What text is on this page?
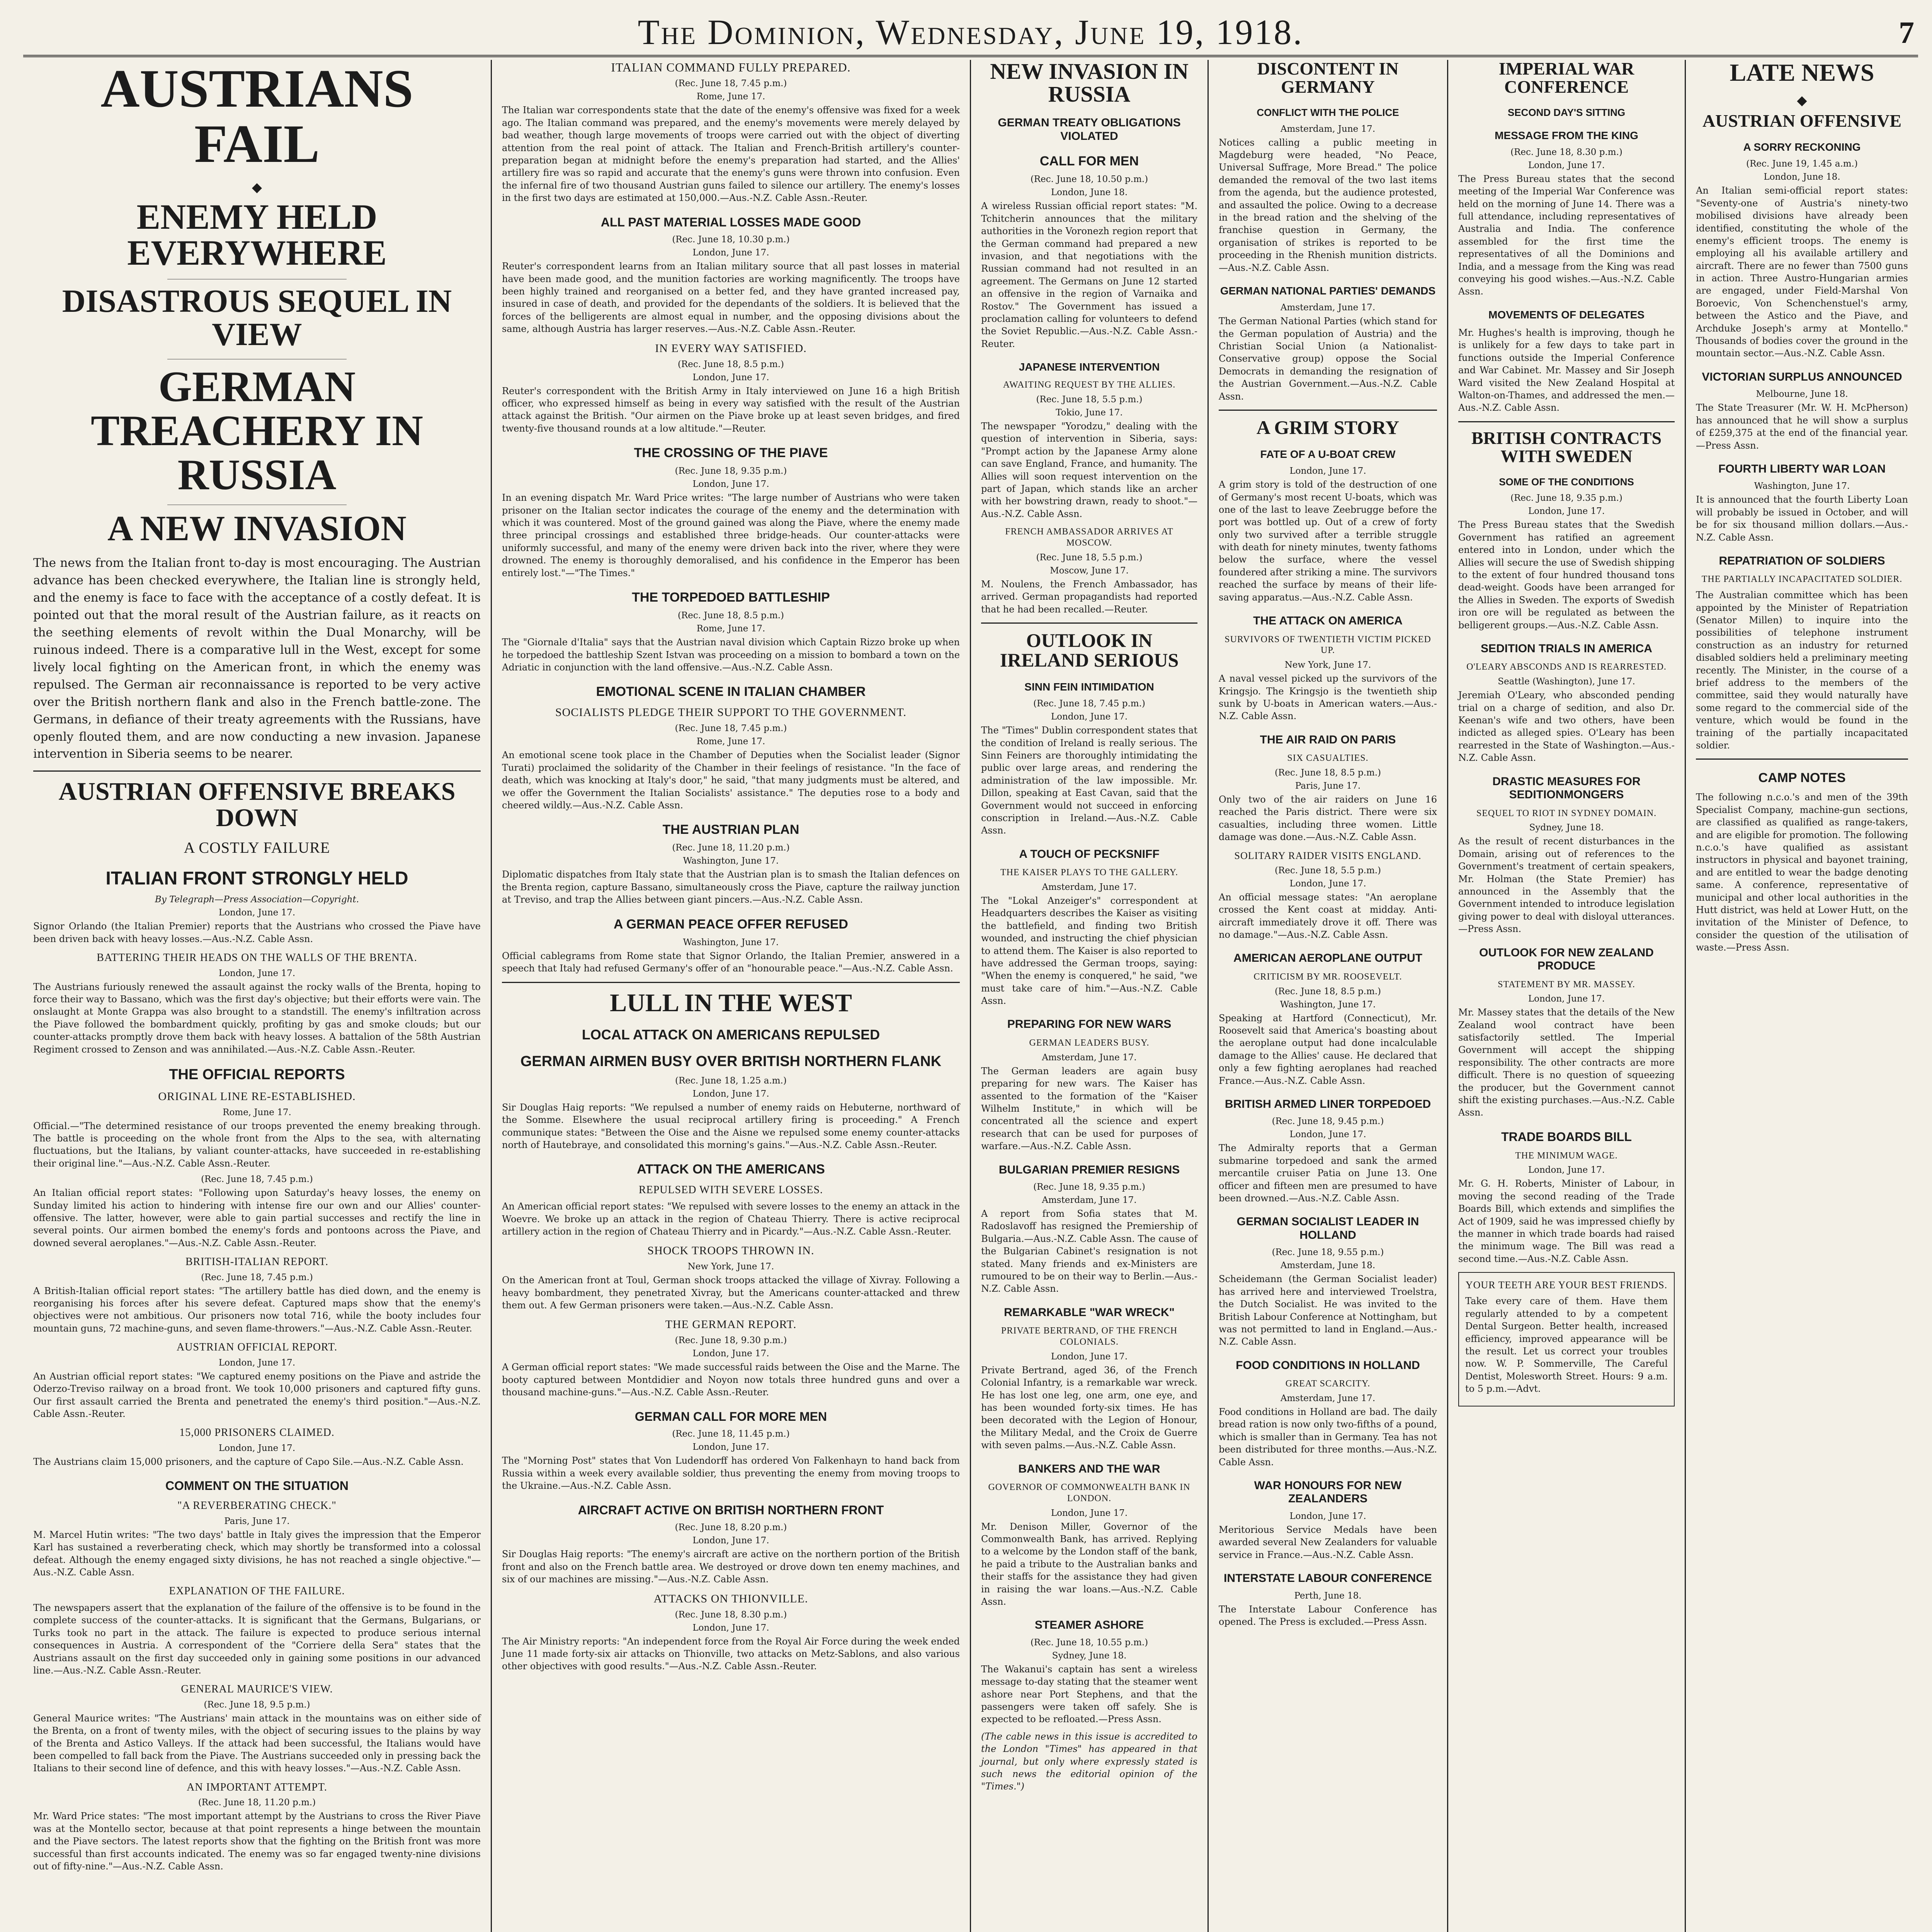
The Dominion, Wednesday, June 19, 1918.	7
AUSTRIANS FAIL
◆
ENEMY HELD EVERYWHERE
DISASTROUS SEQUEL IN VIEW
GERMAN TREACHERY IN RUSSIA
A NEW INVASION
The news from the Italian front to-day is most encouraging. The Austrian advance has been checked everywhere, the Italian line is strongly held, and the enemy is face to face with the acceptance of a costly defeat. It is pointed out that the moral result of the Austrian failure, as it reacts on the seething elements of revolt within the Dual Monarchy, will be ruinous indeed. There is a comparative lull in the West, except for some lively local fighting on the American front, in which the enemy was repulsed. The German air reconnaissance is reported to be very active over the British northern flank and also in the French battle-zone. The Germans, in defiance of their treaty agreements with the Russians, have openly flouted them, and are now conducting a new invasion. Japanese intervention in Siberia seems to be nearer.
AUSTRIAN OFFENSIVE BREAKS DOWN
A COSTLY FAILURE
ITALIAN FRONT STRONGLY HELD
By Telegraph—Press Association—Copyright.
London, June 17.
Signor Orlando (the Italian Premier) reports that the Austrians who crossed the Piave have been driven back with heavy losses.—Aus.-N.Z. Cable Assn.
BATTERING THEIR HEADS ON THE WALLS OF THE BRENTA.
London, June 17.
The Austrians furiously renewed the assault against the rocky walls of the Brenta, hoping to force their way to Bassano, which was the first day's objective; but their efforts were vain. The onslaught at Monte Grappa was also brought to a standstill. The enemy's infiltration across the Piave followed the bombardment quickly, profiting by gas and smoke clouds; but our counter-attacks promptly drove them back with heavy losses. A battalion of the 58th Austrian Regiment crossed to Zenson and was annihilated.—Aus.-N.Z. Cable Assn.-Reuter.
THE OFFICIAL REPORTS
ORIGINAL LINE RE-ESTABLISHED.
Rome, June 17.
Official.—"The determined resistance of our troops prevented the enemy breaking through. The battle is proceeding on the whole front from the Alps to the sea, with alternating fluctuations, but the Italians, by valiant counter-attacks, have succeeded in re-establishing their original line."—Aus.-N.Z. Cable Assn.-Reuter.
(Rec. June 18, 7.45 p.m.)
An Italian official report states: "Following upon Saturday's heavy losses, the enemy on Sunday limited his action to hindering with intense fire our own and our Allies' counter-offensive. The latter, however, were able to gain partial successes and rectify the line in several points. Our airmen bombed the enemy's fords and pontoons across the Piave, and downed several aeroplanes."—Aus.-N.Z. Cable Assn.-Reuter.
BRITISH-ITALIAN REPORT.
(Rec. June 18, 7.45 p.m.)
A British-Italian official report states: "The artillery battle has died down, and the enemy is reorganising his forces after his severe defeat. Captured maps show that the enemy's objectives were not ambitious. Our prisoners now total 716, while the booty includes four mountain guns, 72 machine-guns, and seven flame-throwers."—Aus.-N.Z. Cable Assn.-Reuter.
AUSTRIAN OFFICIAL REPORT.
London, June 17.
An Austrian official report states: "We captured enemy positions on the Piave and astride the Oderzo-Treviso railway on a broad front. We took 10,000 prisoners and captured fifty guns. Our first assault carried the Brenta and penetrated the enemy's third position."—Aus.-N.Z. Cable Assn.-Reuter.
15,000 PRISONERS CLAIMED.
London, June 17.
The Austrians claim 15,000 prisoners, and the capture of Capo Sile.—Aus.-N.Z. Cable Assn.
COMMENT ON THE SITUATION
"A REVERBERATING CHECK."
Paris, June 17.
M. Marcel Hutin writes: "The two days' battle in Italy gives the impression that the Emperor Karl has sustained a reverberating check, which may shortly be transformed into a colossal defeat. Although the enemy engaged sixty divisions, he has not reached a single objective."—Aus.-N.Z. Cable Assn.
EXPLANATION OF THE FAILURE.
The newspapers assert that the explanation of the failure of the offensive is to be found in the complete success of the counter-attacks. It is significant that the Germans, Bulgarians, or Turks took no part in the attack. The failure is expected to produce serious internal consequences in Austria. A correspondent of the "Corriere della Sera" states that the Austrians assault on the first day succeeded only in gaining some positions in our advanced line.—Aus.-N.Z. Cable Assn.-Reuter.
GENERAL MAURICE'S VIEW.
(Rec. June 18, 9.5 p.m.)
General Maurice writes: "The Austrians' main attack in the mountains was on either side of the Brenta, on a front of twenty miles, with the object of securing issues to the plains by way of the Brenta and Astico Valleys. If the attack had been successful, the Italians would have been compelled to fall back from the Piave. The Austrians succeeded only in pressing back the Italians to their second line of defence, and this with heavy losses."—Aus.-N.Z. Cable Assn.
AN IMPORTANT ATTEMPT.
(Rec. June 18, 11.20 p.m.)
Mr. Ward Price states: "The most important attempt by the Austrians to cross the River Piave was at the Montello sector, because at that point represents a hinge between the mountain and the Piave sectors. The latest reports show that the fighting on the British front was more successful than first accounts indicated. The enemy was so far engaged twenty-nine divisions out of fifty-nine."—Aus.-N.Z. Cable Assn.
ITALIAN COMMAND FULLY PREPARED.
(Rec. June 18, 7.45 p.m.)
Rome, June 17.
The Italian war correspondents state that the date of the enemy's offensive was fixed for a week ago. The Italian command was prepared, and the enemy's movements were merely delayed by bad weather, though large movements of troops were carried out with the object of diverting attention from the real point of attack. The Italian and French-British artillery's counter-preparation began at midnight before the enemy's preparation had started, and the Allies' artillery fire was so rapid and accurate that the enemy's guns were thrown into confusion. Even the infernal fire of two thousand Austrian guns failed to silence our artillery. The enemy's losses in the first two days are estimated at 150,000.—Aus.-N.Z. Cable Assn.-Reuter.
ALL PAST MATERIAL LOSSES MADE GOOD
(Rec. June 18, 10.30 p.m.)
London, June 17.
Reuter's correspondent learns from an Italian military source that all past losses in material have been made good, and the munition factories are working magnificently. The troops have been highly trained and reorganised on a better fed, and they have granted increased pay, insured in case of death, and provided for the dependants of the soldiers. It is believed that the forces of the belligerents are almost equal in number, and the opposing divisions about the same, although Austria has larger reserves.—Aus.-N.Z. Cable Assn.-Reuter.
IN EVERY WAY SATISFIED.
(Rec. June 18, 8.5 p.m.)
London, June 17.
Reuter's correspondent with the British Army in Italy interviewed on June 16 a high British officer, who expressed himself as being in every way satisfied with the result of the Austrian attack against the British. "Our airmen on the Piave broke up at least seven bridges, and fired twenty-five thousand rounds at a low altitude."—Reuter.
THE CROSSING OF THE PIAVE
(Rec. June 18, 9.35 p.m.)
London, June 17.
In an evening dispatch Mr. Ward Price writes: "The large number of Austrians who were taken prisoner on the Italian sector indicates the courage of the enemy and the determination with which it was countered. Most of the ground gained was along the Piave, where the enemy made three principal crossings and established three bridge-heads. Our counter-attacks were uniformly successful, and many of the enemy were driven back into the river, where they were drowned. The enemy is thoroughly demoralised, and his confidence in the Emperor has been entirely lost."—"The Times."
THE TORPEDOED BATTLESHIP
(Rec. June 18, 8.5 p.m.)
Rome, June 17.
The "Giornale d'Italia" says that the Austrian naval division which Captain Rizzo broke up when he torpedoed the battleship Szent Istvan was proceeding on a mission to bombard a town on the Adriatic in conjunction with the land offensive.—Aus.-N.Z. Cable Assn.
EMOTIONAL SCENE IN ITALIAN CHAMBER
SOCIALISTS PLEDGE THEIR SUPPORT TO THE GOVERNMENT.
(Rec. June 18, 7.45 p.m.)
Rome, June 17.
An emotional scene took place in the Chamber of Deputies when the Socialist leader (Signor Turati) proclaimed the solidarity of the Chamber in their feelings of resistance. "In the face of death, which was knocking at Italy's door," he said, "that many judgments must be altered, and we offer the Government the Italian Socialists' assistance." The deputies rose to a body and cheered wildly.—Aus.-N.Z. Cable Assn.
THE AUSTRIAN PLAN
(Rec. June 18, 11.20 p.m.)
Washington, June 17.
Diplomatic dispatches from Italy state that the Austrian plan is to smash the Italian defences on the Brenta region, capture Bassano, simultaneously cross the Piave, capture the railway junction at Treviso, and trap the Allies between giant pincers.—Aus.-N.Z. Cable Assn.
A GERMAN PEACE OFFER REFUSED
Washington, June 17.
Official cablegrams from Rome state that Signor Orlando, the Italian Premier, answered in a speech that Italy had refused Germany's offer of an "honourable peace."—Aus.-N.Z. Cable Assn.
LULL IN THE WEST
LOCAL ATTACK ON AMERICANS REPULSED
GERMAN AIRMEN BUSY OVER BRITISH NORTHERN FLANK
(Rec. June 18, 1.25 a.m.)
London, June 17.
Sir Douglas Haig reports: "We repulsed a number of enemy raids on Hebuterne, northward of the Somme. Elsewhere the usual reciprocal artillery firing is proceeding." A French communique states: "Between the Oise and the Aisne we repulsed some enemy counter-attacks north of Hautebraye, and consolidated this morning's gains."—Aus.-N.Z. Cable Assn.-Reuter.
ATTACK ON THE AMERICANS
REPULSED WITH SEVERE LOSSES.
An American official report states: "We repulsed with severe losses to the enemy an attack in the Woevre. We broke up an attack in the region of Chateau Thierry. There is active reciprocal artillery action in the region of Chateau Thierry and in Picardy."—Aus.-N.Z. Cable Assn.-Reuter.
SHOCK TROOPS THROWN IN.
New York, June 17.
On the American front at Toul, German shock troops attacked the village of Xivray. Following a heavy bombardment, they penetrated Xivray, but the Americans counter-attacked and threw them out. A few German prisoners were taken.—Aus.-N.Z. Cable Assn.
THE GERMAN REPORT.
(Rec. June 18, 9.30 p.m.)
London, June 17.
A German official report states: "We made successful raids between the Oise and the Marne. The booty captured between Montdidier and Noyon now totals three hundred guns and over a thousand machine-guns."—Aus.-N.Z. Cable Assn.-Reuter.
GERMAN CALL FOR MORE MEN
(Rec. June 18, 11.45 p.m.)
London, June 17.
The "Morning Post" states that Von Ludendorff has ordered Von Falkenhayn to hand back from Russia within a week every available soldier, thus preventing the enemy from moving troops to the Ukraine.—Aus.-N.Z. Cable Assn.
AIRCRAFT ACTIVE ON BRITISH NORTHERN FRONT
(Rec. June 18, 8.20 p.m.)
London, June 17.
Sir Douglas Haig reports: "The enemy's aircraft are active on the northern portion of the British front and also on the French battle area. We destroyed or drove down ten enemy machines, and six of our machines are missing."—Aus.-N.Z. Cable Assn.
ATTACKS ON THIONVILLE.
(Rec. June 18, 8.30 p.m.)
London, June 17.
The Air Ministry reports: "An independent force from the Royal Air Force during the week ended June 11 made forty-six air attacks on Thionville, two attacks on Metz-Sablons, and also various other objectives with good results."—Aus.-N.Z. Cable Assn.-Reuter.
NEW INVASION IN RUSSIA
GERMAN TREATY OBLIGATIONS VIOLATED
CALL FOR MEN
(Rec. June 18, 10.50 p.m.)
London, June 18.
A wireless Russian official report states: "M. Tchitcherin announces that the military authorities in the Voronezh region report that the German command had prepared a new invasion, and that negotiations with the Russian command had not resulted in an agreement. The Germans on June 12 started an offensive in the region of Varnaika and Rostov." The Government has issued a proclamation calling for volunteers to defend the Soviet Republic.—Aus.-N.Z. Cable Assn.-Reuter.
JAPANESE INTERVENTION
AWAITING REQUEST BY THE ALLIES.
(Rec. June 18, 5.5 p.m.)
Tokio, June 17.
The newspaper "Yorodzu," dealing with the question of intervention in Siberia, says: "Prompt action by the Japanese Army alone can save England, France, and humanity. The Allies will soon request intervention on the part of Japan, which stands like an archer with her bowstring drawn, ready to shoot."—Aus.-N.Z. Cable Assn.
FRENCH AMBASSADOR ARRIVES AT MOSCOW.
(Rec. June 18, 5.5 p.m.)
Moscow, June 17.
M. Noulens, the French Ambassador, has arrived. German propagandists had reported that he had been recalled.—Reuter.
OUTLOOK IN IRELAND SERIOUS
SINN FEIN INTIMIDATION
(Rec. June 18, 7.45 p.m.)
London, June 17.
The "Times" Dublin correspondent states that the condition of Ireland is really serious. The Sinn Feiners are thoroughly intimidating the public over large areas, and rendering the administration of the law impossible. Mr. Dillon, speaking at East Cavan, said that the Government would not succeed in enforcing conscription in Ireland.—Aus.-N.Z. Cable Assn.
A TOUCH OF PECKSNIFF
THE KAISER PLAYS TO THE GALLERY.
Amsterdam, June 17.
The "Lokal Anzeiger's" correspondent at Headquarters describes the Kaiser as visiting the battlefield, and finding two British wounded, and instructing the chief physician to attend them. The Kaiser is also reported to have addressed the German troops, saying: "When the enemy is conquered," he said, "we must take care of him."—Aus.-N.Z. Cable Assn.
PREPARING FOR NEW WARS
GERMAN LEADERS BUSY.
Amsterdam, June 17.
The German leaders are again busy preparing for new wars. The Kaiser has assented to the formation of the "Kaiser Wilhelm Institute," in which will be concentrated all the science and expert research that can be used for purposes of warfare.—Aus.-N.Z. Cable Assn.
BULGARIAN PREMIER RESIGNS
(Rec. June 18, 9.35 p.m.)
Amsterdam, June 17.
A report from Sofia states that M. Radoslavoff has resigned the Premiership of Bulgaria.—Aus.-N.Z. Cable Assn. The cause of the Bulgarian Cabinet's resignation is not stated. Many friends and ex-Ministers are rumoured to be on their way to Berlin.—Aus.-N.Z. Cable Assn.
REMARKABLE "WAR WRECK"
PRIVATE BERTRAND, OF THE FRENCH COLONIALS.
London, June 17.
Private Bertrand, aged 36, of the French Colonial Infantry, is a remarkable war wreck. He has lost one leg, one arm, one eye, and has been wounded forty-six times. He has been decorated with the Legion of Honour, the Military Medal, and the Croix de Guerre with seven palms.—Aus.-N.Z. Cable Assn.
BANKERS AND THE WAR
GOVERNOR OF COMMONWEALTH BANK IN LONDON.
London, June 17.
Mr. Denison Miller, Governor of the Commonwealth Bank, has arrived. Replying to a welcome by the London staff of the bank, he paid a tribute to the Australian banks and their staffs for the assistance they had given in raising the war loans.—Aus.-N.Z. Cable Assn.
STEAMER ASHORE
(Rec. June 18, 10.55 p.m.)
Sydney, June 18.
The Wakanui's captain has sent a wireless message to-day stating that the steamer went ashore near Port Stephens, and that the passengers were taken off safely. She is expected to be refloated.—Press Assn.
(The cable news in this issue is accredited to the London "Times" has appeared in that journal, but only where expressly stated is such news the editorial opinion of the "Times.")
DISCONTENT IN GERMANY
CONFLICT WITH THE POLICE
Amsterdam, June 17.
Notices calling a public meeting in Magdeburg were headed, "No Peace, Universal Suffrage, More Bread." The police demanded the removal of the two last items from the agenda, but the audience protested, and assaulted the police. Owing to a decrease in the bread ration and the shelving of the franchise question in Germany, the organisation of strikes is reported to be proceeding in the Rhenish munition districts.—Aus.-N.Z. Cable Assn.
GERMAN NATIONAL PARTIES' DEMANDS
Amsterdam, June 17.
The German National Parties (which stand for the German population of Austria) and the Christian Social Union (a Nationalist-Conservative group) oppose the Social Democrats in demanding the resignation of the Austrian Government.—Aus.-N.Z. Cable Assn.
A GRIM STORY
FATE OF A U-BOAT CREW
London, June 17.
A grim story is told of the destruction of one of Germany's most recent U-boats, which was one of the last to leave Zeebrugge before the port was bottled up. Out of a crew of forty only two survived after a terrible struggle with death for ninety minutes, twenty fathoms below the surface, where the vessel foundered after striking a mine. The survivors reached the surface by means of their life-saving apparatus.—Aus.-N.Z. Cable Assn.
THE ATTACK ON AMERICA
SURVIVORS OF TWENTIETH VICTIM PICKED UP.
New York, June 17.
A naval vessel picked up the survivors of the Kringsjo. The Kringsjo is the twentieth ship sunk by U-boats in American waters.—Aus.-N.Z. Cable Assn.
THE AIR RAID ON PARIS
SIX CASUALTIES.
(Rec. June 18, 8.5 p.m.)
Paris, June 17.
Only two of the air raiders on June 16 reached the Paris district. There were six casualties, including three women. Little damage was done.—Aus.-N.Z. Cable Assn.
SOLITARY RAIDER VISITS ENGLAND.
(Rec. June 18, 5.5 p.m.)
London, June 17.
An official message states: "An aeroplane crossed the Kent coast at midday. Anti-aircraft immediately drove it off. There was no damage."—Aus.-N.Z. Cable Assn.
AMERICAN AEROPLANE OUTPUT
CRITICISM BY MR. ROOSEVELT.
(Rec. June 18, 8.5 p.m.)
Washington, June 17.
Speaking at Hartford (Connecticut), Mr. Roosevelt said that America's boasting about the aeroplane output had done incalculable damage to the Allies' cause. He declared that only a few fighting aeroplanes had reached France.—Aus.-N.Z. Cable Assn.
BRITISH ARMED LINER TORPEDOED
(Rec. June 18, 9.45 p.m.)
London, June 17.
The Admiralty reports that a German submarine torpedoed and sank the armed mercantile cruiser Patia on June 13. One officer and fifteen men are presumed to have been drowned.—Aus.-N.Z. Cable Assn.
GERMAN SOCIALIST LEADER IN HOLLAND
(Rec. June 18, 9.55 p.m.)
Amsterdam, June 18.
Scheidemann (the German Socialist leader) has arrived here and interviewed Troelstra, the Dutch Socialist. He was invited to the British Labour Conference at Nottingham, but was not permitted to land in England.—Aus.-N.Z. Cable Assn.
FOOD CONDITIONS IN HOLLAND
GREAT SCARCITY.
Amsterdam, June 17.
Food conditions in Holland are bad. The daily bread ration is now only two-fifths of a pound, which is smaller than in Germany. Tea has not been distributed for three months.—Aus.-N.Z. Cable Assn.
WAR HONOURS FOR NEW ZEALANDERS
London, June 17.
Meritorious Service Medals have been awarded several New Zealanders for valuable service in France.—Aus.-N.Z. Cable Assn.
INTERSTATE LABOUR CONFERENCE
Perth, June 18.
The Interstate Labour Conference has opened. The Press is excluded.—Press Assn.
IMPERIAL WAR CONFERENCE
SECOND DAY'S SITTING
MESSAGE FROM THE KING
(Rec. June 18, 8.30 p.m.)
London, June 17.
The Press Bureau states that the second meeting of the Imperial War Conference was held on the morning of June 14. There was a full attendance, including representatives of Australia and India. The conference assembled for the first time the representatives of all the Dominions and India, and a message from the King was read conveying his good wishes.—Aus.-N.Z. Cable Assn.
MOVEMENTS OF DELEGATES
Mr. Hughes's health is improving, though he is unlikely for a few days to take part in functions outside the Imperial Conference and War Cabinet. Mr. Massey and Sir Joseph Ward visited the New Zealand Hospital at Walton-on-Thames, and addressed the men.—Aus.-N.Z. Cable Assn.
BRITISH CONTRACTS WITH SWEDEN
SOME OF THE CONDITIONS
(Rec. June 18, 9.35 p.m.)
London, June 17.
The Press Bureau states that the Swedish Government has ratified an agreement entered into in London, under which the Allies will secure the use of Swedish shipping to the extent of four hundred thousand tons dead-weight. Goods have been arranged for the Allies in Sweden. The exports of Swedish iron ore will be regulated as between the belligerent groups.—Aus.-N.Z. Cable Assn.
SEDITION TRIALS IN AMERICA
O'LEARY ABSCONDS AND IS REARRESTED.
Seattle (Washington), June 17.
Jeremiah O'Leary, who absconded pending trial on a charge of sedition, and also Dr. Keenan's wife and two others, have been indicted as alleged spies. O'Leary has been rearrested in the State of Washington.—Aus.-N.Z. Cable Assn.
DRASTIC MEASURES FOR SEDITIONMONGERS
SEQUEL TO RIOT IN SYDNEY DOMAIN.
Sydney, June 18.
As the result of recent disturbances in the Domain, arising out of references to the Government's treatment of certain speakers, Mr. Holman (the State Premier) has announced in the Assembly that the Government intended to introduce legislation giving power to deal with disloyal utterances.—Press Assn.
OUTLOOK FOR NEW ZEALAND PRODUCE
STATEMENT BY MR. MASSEY.
London, June 17.
Mr. Massey states that the details of the New Zealand wool contract have been satisfactorily settled. The Imperial Government will accept the shipping responsibility. The other contracts are more difficult. There is no question of squeezing the producer, but the Government cannot shift the existing purchases.—Aus.-N.Z. Cable Assn.
TRADE BOARDS BILL
THE MINIMUM WAGE.
London, June 17.
Mr. G. H. Roberts, Minister of Labour, in moving the second reading of the Trade Boards Bill, which extends and simplifies the Act of 1909, said he was impressed chiefly by the manner in which trade boards had raised the minimum wage. The Bill was read a second time.—Aus.-N.Z. Cable Assn.
YOUR TEETH ARE YOUR BEST FRIENDS.
Take every care of them. Have them regularly attended to by a competent Dental Surgeon. Better health, increased efficiency, improved appearance will be the result. Let us correct your troubles now. W. P. Sommerville, The Careful Dentist, Molesworth Street. Hours: 9 a.m. to 5 p.m.—Advt.
LATE NEWS
◆
AUSTRIAN OFFENSIVE
A SORRY RECKONING
(Rec. June 19, 1.45 a.m.)
London, June 18.
An Italian semi-official report states: "Seventy-one of Austria's ninety-two mobilised divisions have already been identified, constituting the whole of the enemy's efficient troops. The enemy is employing all his available artillery and aircraft. There are no fewer than 7500 guns in action. Three Austro-Hungarian armies are engaged, under Field-Marshal Von Boroevic, Von Schenchenstuel's army, between the Astico and the Piave, and Archduke Joseph's army at Montello." Thousands of bodies cover the ground in the mountain sector.—Aus.-N.Z. Cable Assn.
VICTORIAN SURPLUS ANNOUNCED
Melbourne, June 18.
The State Treasurer (Mr. W. H. McPherson) has announced that he will show a surplus of £259,375 at the end of the financial year.—Press Assn.
FOURTH LIBERTY WAR LOAN
Washington, June 17.
It is announced that the fourth Liberty Loan will probably be issued in October, and will be for six thousand million dollars.—Aus.-N.Z. Cable Assn.
REPATRIATION OF SOLDIERS
THE PARTIALLY INCAPACITATED SOLDIER.
The Australian committee which has been appointed by the Minister of Repatriation (Senator Millen) to inquire into the possibilities of telephone instrument construction as an industry for returned disabled soldiers held a preliminary meeting recently. The Minister, in the course of a brief address to the members of the committee, said they would naturally have some regard to the commercial side of the venture, which would be found in the training of the partially incapacitated soldier.
CAMP NOTES
The following n.c.o.'s and men of the 39th Specialist Company, machine-gun sections, are classified as qualified as range-takers, and are eligible for promotion. The following n.c.o.'s have qualified as assistant instructors in physical and bayonet training, and are entitled to wear the badge denoting same. A conference, representative of municipal and other local authorities in the Hutt district, was held at Lower Hutt, on the invitation of the Minister of Defence, to consider the question of the utilisation of waste.—Press Assn.
